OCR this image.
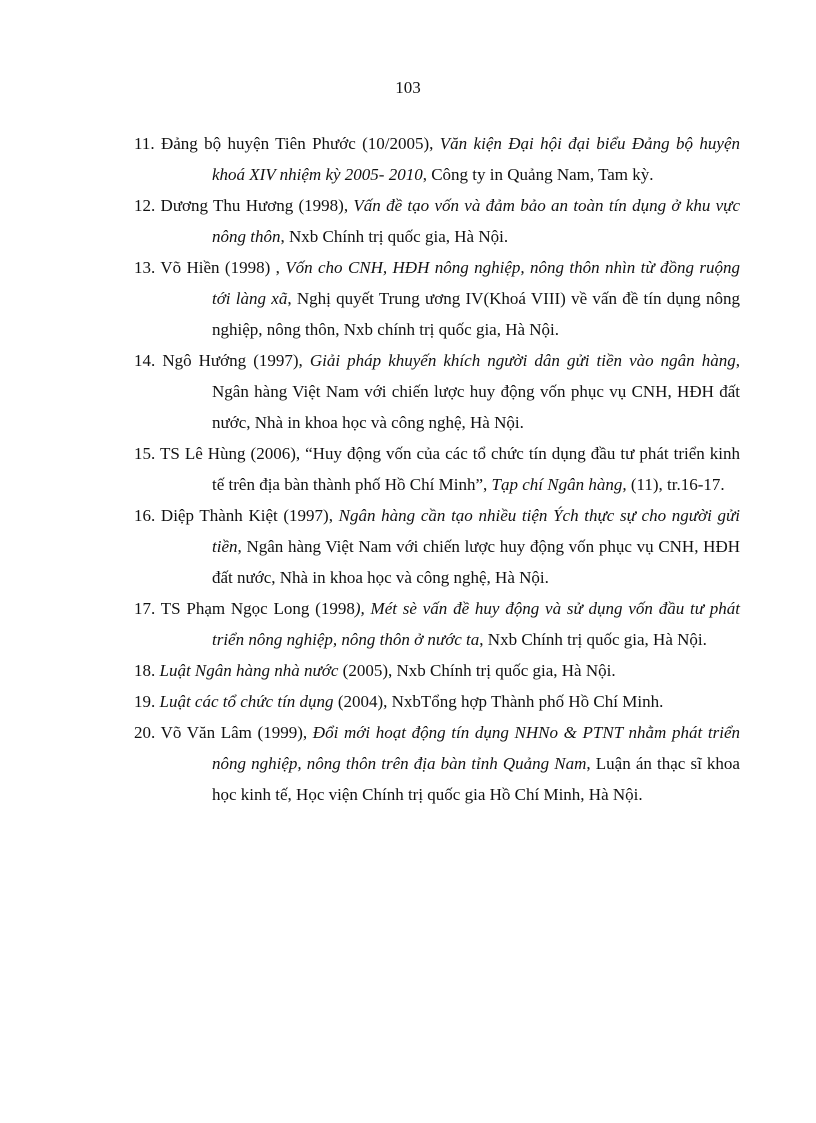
103
11. Đảng bộ huyện Tiên Phước (10/2005), Văn kiện Đại hội đại biểu Đảng bộ huyện khoá XIV nhiệm kỳ 2005- 2010, Công ty in Quảng Nam, Tam kỳ.
12. Dương Thu Hương (1998), Vấn đề tạo vốn và đảm bảo an toàn tín dụng ở khu vực nông thôn, Nxb Chính trị quốc gia, Hà Nội.
13. Võ Hiền (1998) , Vốn cho CNH, HĐH nông nghiệp, nông thôn nhìn từ đồng ruộng tới làng xã, Nghị quyết Trung ương IV(Khoá VIII) về vấn đề tín dụng nông nghiệp, nông thôn, Nxb chính trị quốc gia, Hà Nội.
14. Ngô Hướng (1997), Giải pháp khuyến khích người dân gửi tiền vào ngân hàng, Ngân hàng Việt Nam với chiến lược huy động vốn phục vụ CNH, HĐH đất nước, Nhà in khoa học và công nghệ, Hà Nội.
15. TS Lê Hùng (2006), “Huy động vốn của các tổ chức tín dụng đầu tư phát triển kinh tế trên địa bàn thành phố Hồ Chí Minh”, Tạp chí Ngân hàng, (11), tr.16-17.
16. Diệp Thành Kiệt (1997), Ngân hàng cần tạo nhiều tiện Ých thực sự cho người gửi tiền, Ngân hàng Việt Nam với chiến lược huy động vốn phục vụ CNH, HĐH đất nước, Nhà in khoa học và công nghệ, Hà Nội.
17. TS Phạm Ngọc Long (1998), Mét sè vấn đề huy động và sử dụng vốn đầu tư phát triển nông nghiệp, nông thôn ở nước ta, Nxb Chính trị quốc gia, Hà Nội.
18. Luật Ngân hàng nhà nước (2005), Nxb Chính trị quốc gia, Hà Nội.
19. Luật các tổ chức tín dụng (2004), NxbTổng hợp Thành phố Hồ Chí Minh.
20. Võ Văn Lâm (1999), Đổi mới hoạt động tín dụng NHNo & PTNT nhằm phát triển nông nghiệp, nông thôn trên địa bàn tỉnh Quảng Nam, Luận án thạc sĩ khoa học kinh tế, Học viện Chính trị quốc gia Hồ Chí Minh, Hà Nội.
